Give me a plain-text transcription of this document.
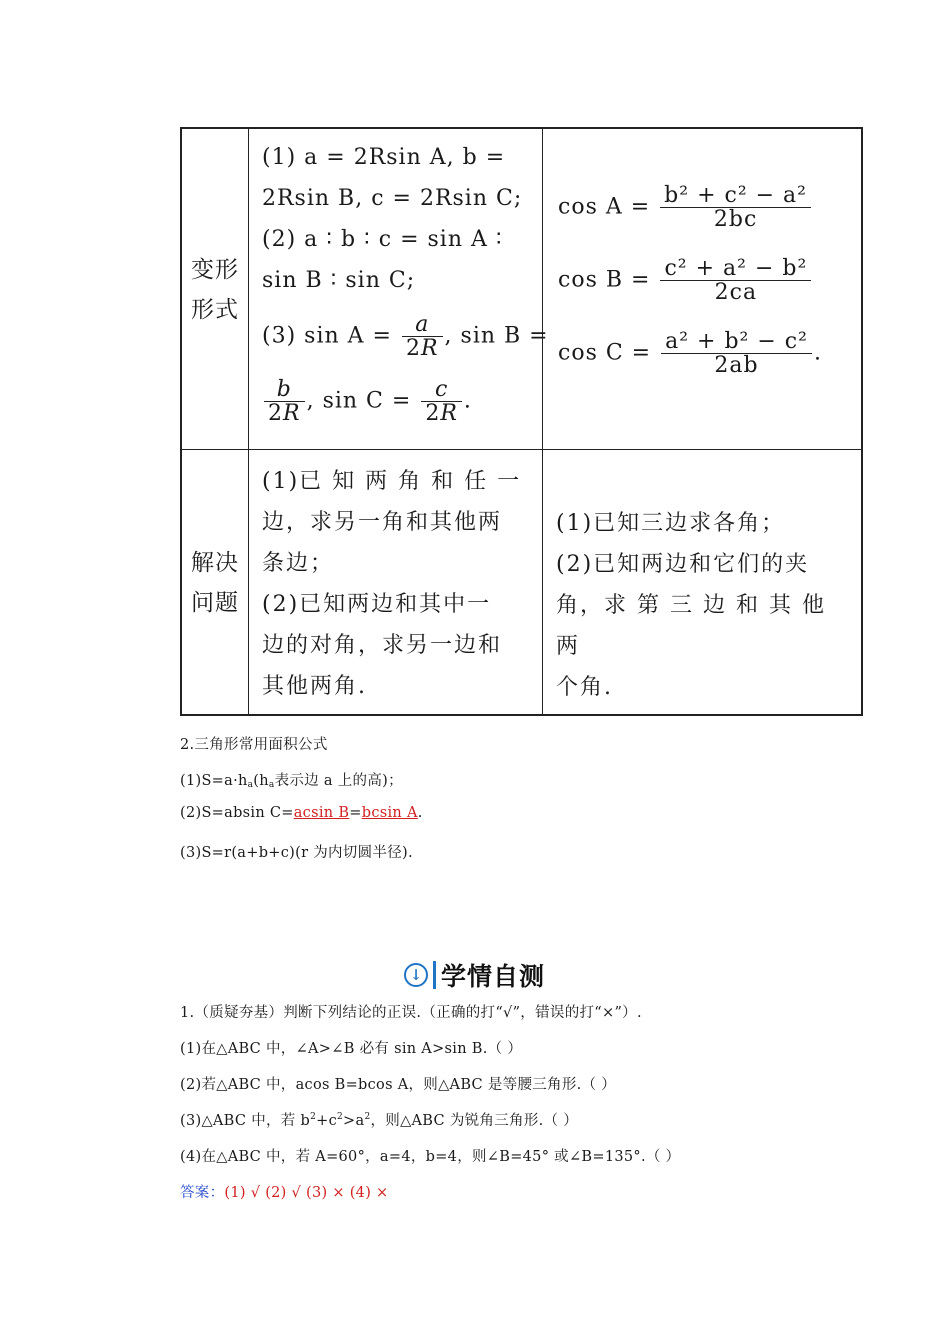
变形
形式
(1) a = 2Rsin A, b =
2Rsin B, c = 2Rsin C;
(2) a ∶ b ∶ c = sin A ∶
sin B ∶ sin C;
(3) $\sin A = \frac{a}{2R}$ , sin B =
$\frac{b}{2R}$ , $\sin C = \frac{c}{2R}$ .
$\cos A = \frac{\text{b² + c² − a²}}{2bc}$
$\cos B = \frac{\text{c² + a² − b²}}{2ca}$
$\cos C = \frac{\text{a² + b² − c²}}{2ab}$ .
解决
问题
(1)已 知 两 角 和 任 一
边，求另一角和其他两
条边；
(2)已知两边和其中一
边的对角，求另一边和
其他两角.
(1)已知三边求各角；
(2)已知两边和它们的夹
角，求 第 三 边 和 其 他 两
个角.
2.三角形常用面积公式
$(1)S=a\cdot h_a(h_a$表示边 a 上的高)；
(2)S=absin C=acsin B=bcsin A.
(3)S=r(a+b+c)(r 为内切圆半径).
↓ 学情自测
1.（质疑夯基）判断下列结论的正误.（正确的打“√”，错误的打“×”）.
(1)在△ABC 中，∠A>∠B 必有 sin A>sin B.（ ）
(2)若△ABC 中，acos B=bcos A，则△ABC 是等腰三角形.（ ）
(3)△ABC 中，若 $b^2+c^2>a^2$，则△ABC 为锐角三角形.（ ）
(4)在△ABC 中，若 A=60°，a=4，b=4，则∠B=45° 或∠B=135°.（ ）
答案：(1) √ (2) √ (3) × (4) ×
